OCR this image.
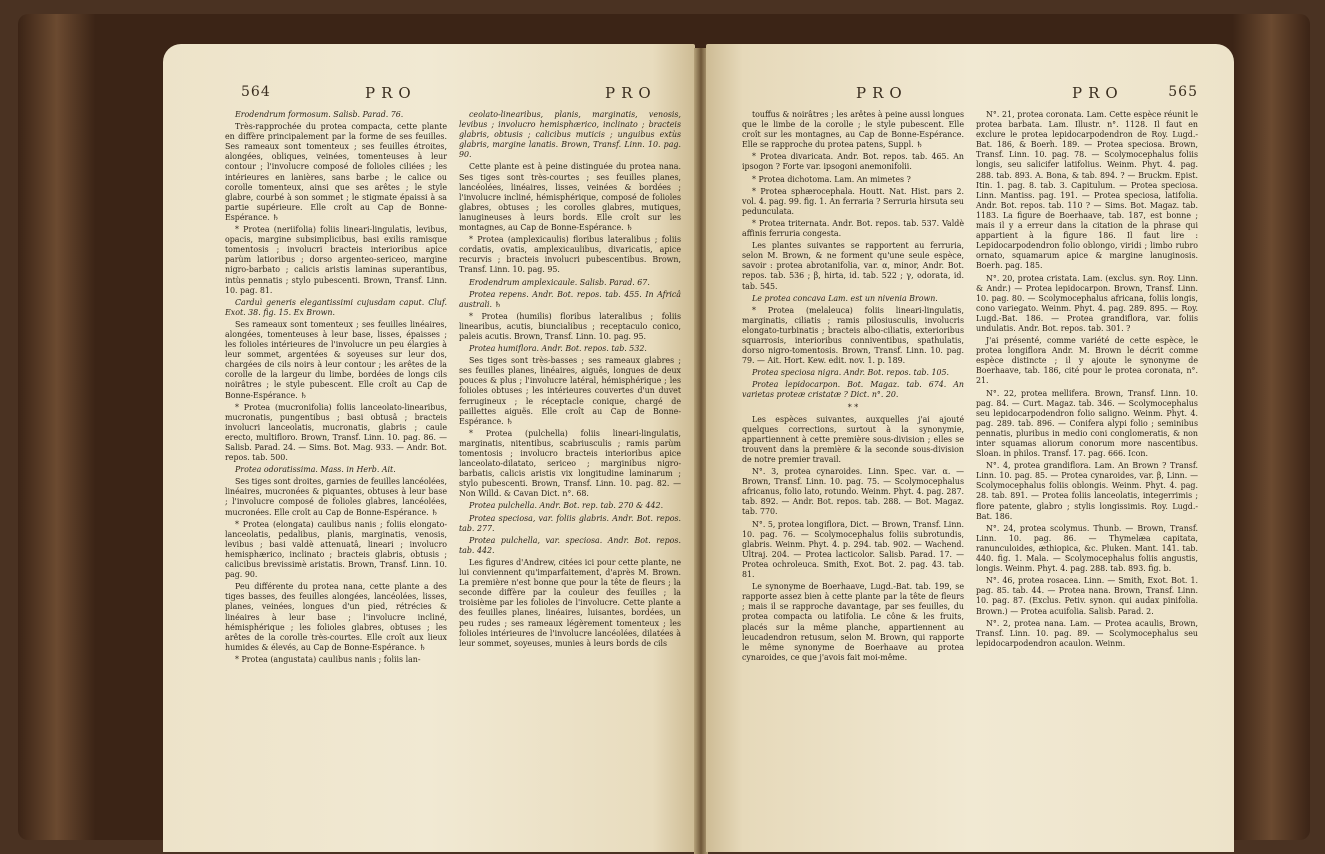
564	PRO	PRO

Erodendrum formosum. Salisb. Parad. 76.

Très-rapprochée du protea compacta, cette plante en diffère principalement par la forme de ses feuilles. Ses rameaux sont tomenteux ; ses feuilles étroites, alongées, obliques, veinées, tomenteuses à leur contour ; l'involucre composé de folioles ciliées ; les intérieures en lanières, sans barbe ; le calice ou corolle tomenteux, ainsi que ses arêtes ; le style glabre, courbé à son sommet ; le stigmate épaissi à sa partie supérieure. Elle croît au Cap de Bonne-Espérance. ♄

* Protea (neriifolia) foliis lineari-lingulatis, levibus, opacis, margine subsimplicibus, basi exilis ramisque tomentosis ; involucri bracteis interioribus apice parùm latioribus ; dorso argenteo-sericeo, margine nigro-barbato ; calicis aristis laminas superantibus, intùs pennatis ; stylo pubescenti. Brown, Transf. Linn. 10. pag. 81.

Carduì generis elegantissimi cujusdam caput. Cluf. Exot. 38. fig. 15. Ex Brown.

Ses rameaux sont tomenteux ; ses feuilles linéaires, alongées, tomenteuses à leur base, lisses, épaisses ; les folioles intérieures de l'involucre un peu élargies à leur sommet, argentées & soyeuses sur leur dos, chargées de cils noirs à leur contour ; les arêtes de la corolle de la largeur du limbe, bordées de longs cils noirâtres ; le style pubescent. Elle croît au Cap de Bonne-Espérance. ♄

* Protea (mucronifolia) foliis lanceolato-linearibus, mucronatis, pungentibus ; basi obtusâ ; bracteis involucri lanceolatis, mucronatis, glabris ; caule erecto, multifloro. Brown, Transf. Linn. 10. pag. 86. — Salisb. Parad. 24. — Sims. Bot. Mag. 933. — Andr. Bot. repos. tab. 500.

Protea odoratissima. Mass. in Herb. Ait.

Ses tiges sont droites, garnies de feuilles lancéolées, linéaires, mucronées & piquantes, obtuses à leur base ; l'involucre composé de folioles glabres, lancéolées, mucronées. Elle croît au Cap de Bonne-Espérance. ♄

* Protea (elongata) caulibus nanis ; foliis elongato-lanceolatis, pedalibus, planis, marginatis, venosis, levibus ; basi valdè attenuatâ, lineari ; involucro hemisphærico, inclinato ; bracteis glabris, obtusis ; calicibus brevissimè aristatis. Brown, Transf. Linn. 10. pag. 90.

Peu différente du protea nana, cette plante a des tiges basses, des feuilles alongées, lancéolées, lisses, planes, veinées, longues d'un pied, rétrécies & linéaires à leur base ; l'involucre incliné, hémisphérique ; les folioles glabres, obtuses ; les arêtes de la corolle très-courtes. Elle croît aux lieux humides & élevés, au Cap de Bonne-Espérance. ♄

* Protea (angustata) caulibus nanis ; foliis lan-

ceolato-linearibus, planis, marginatis, venosis, levibus ; involucro hemisphærico, inclinato ; bracteis glabris, obtusis ; calicibus muticis ; unguibus extùs glabris, margine lanatis. Brown, Transf. Linn. 10. pag. 90.

Cette plante est à peine distinguée du protea nana. Ses tiges sont très-courtes ; ses feuilles planes, lancéolées, linéaires, lisses, veinées & bordées ; l'involucre incliné, hémisphérique, composé de folioles glabres, obtuses ; les corolles glabres, mutiques, lanugineuses à leurs bords. Elle croît sur les montagnes, au Cap de Bonne-Espérance. ♄

* Protea (amplexicaulis) floribus lateralibus ; foliis cordatis, ovatis, amplexicaulibus, divaricatis, apice recurvis ; bracteis involucri pubescentibus. Brown, Transf. Linn. 10. pag. 95.

Erodendrum amplexicaule. Salisb. Parad. 67.

Protea repens. Andr. Bot. repos. tab. 455. In Africâ australi. ♄

* Protea (humilis) floribus lateralibus ; foliis linearibus, acutis, biuncialibus ; receptaculo conico, paleis acutis. Brown, Transf. Linn. 10. pag. 95.

Protea humiflora. Andr. Bot. repos. tab. 532.

Ses tiges sont très-basses ; ses rameaux glabres ; ses feuilles planes, linéaires, aiguës, longues de deux pouces & plus ; l'involucre latéral, hémisphérique ; les folioles obtuses ; les intérieures couvertes d'un duvet ferrugineux ; le réceptacle conique, chargé de paillettes aiguës. Elle croît au Cap de Bonne-Espérance. ♄

* Protea (pulchella) foliis lineari-lingulatis, marginatis, nitentibus, scabriusculis ; ramis parùm tomentosis ; involucro bracteis interioribus apice lanceolato-dilatato, sericeo ; marginibus nigro-barbatis, calicis aristis vix longitudine laminarum ; stylo pubescenti. Brown, Transf. Linn. 10. pag. 82. — Non Willd. & Cavan Dict. n°. 68.

Protea pulchella. Andr. Bot. rep. tab. 270 & 442.

Protea speciosa, var. foliis glabris. Andr. Bot. repos. tab. 277.

Protea pulchella, var. speciosa. Andr. Bot. repos. tab. 442.

Les figures d'Andrew, citées ici pour cette plante, ne lui conviennent qu'imparfaitement, d'après M. Brown. La première n'est bonne que pour la tête de fleurs ; la seconde diffère par la couleur des feuilles ; la troisième par les folioles de l'involucre. Cette plante a des feuilles planes, linéaires, luisantes, bordées, un peu rudes ; ses rameaux légèrement tomenteux ; les folioles intérieures de l'involucre lancéolées, dilatées à leur sommet, soyeuses, munies à leurs bords de cils

PRO	PRO	565

touffus & noirâtres ; les arêtes à peine aussi longues que le limbe de la corolle ; le style pubescent. Elle croît sur les montagnes, au Cap de Bonne-Espérance. Elle se rapproche du protea patens, Suppl. ♄

* Protea divaricata. Andr. Bot. repos. tab. 465. An ipsogon ? Forte var. ipsogoni anemonifolii.

* Protea dichotoma. Lam. An mimetes ?

* Protea sphærocephala. Houtt. Nat. Hist. pars 2. vol. 4. pag. 99. fig. 1. An ferraria ? Serruria hirsuta seu pedunculata.

* Protea triternata. Andr. Bot. repos. tab. 537. Valdè affinis ferruria congesta.

Les plantes suivantes se rapportent au ferruria, selon M. Brown, & ne forment qu'une seule espèce, savoir : protea abrotanifolia, var. α, minor, Andr. Bot. repos. tab. 536 ; β, hirta, id. tab. 522 ; γ, odorata, id. tab. 545.

Le protea concava Lam. est un nivenia Brown.

* Protea (melaleuca) foliis lineari-lingulatis, marginatis, ciliatis ; ramis pilosiusculis, involucris elongato-turbinatis ; bracteis albo-ciliatis, exterioribus squarrosis, interioribus conniventibus, spathulatis, dorso nigro-tomentosis. Brown, Transf. Linn. 10. pag. 79. — Ait. Hort. Kew. edit. nov. 1. p. 189.

Protea speciosa nigra. Andr. Bot. repos. tab. 105.

Protea lepidocarpon. Bot. Magaz. tab. 674. An varietas proteæ cristatæ ? Dict. n°. 20.

* *

Les espèces suivantes, auxquelles j'ai ajouté quelques corrections, surtout à la synonymie, appartiennent à cette première sous-division ; elles se trouvent dans la première & la seconde sous-division de notre premier travail.

N°. 3, protea cynaroides. Linn. Spec. var. α. — Brown, Transf. Linn. 10. pag. 75. — Scolymocephalus africanus, folio lato, rotundo. Weinm. Phyt. 4. pag. 287. tab. 892. — Andr. Bot. repos. tab. 288. — Bot. Magaz. tab. 770.

N°. 5, protea longiflora, Dict. — Brown, Transf. Linn. 10. pag. 76. — Scolymocephalus foliis subrotundis, glabris. Weinm. Phyt. 4. p. 294. tab. 902. — Wachend. Ultraj. 204. — Protea lacticolor. Salisb. Parad. 17. — Protea ochroleuca. Smith, Exot. Bot. 2. pag. 43. tab. 81.

Le synonyme de Boerhaave, Lugd.-Bat. tab. 199, se rapporte assez bien à cette plante par la tête de fleurs ; mais il se rapproche davantage, par ses feuilles, du protea compacta ou latifolia. Le cône & les fruits, placés sur la même planche, appartiennent au leucadendron retusum, selon M. Brown, qui rapporte le même synonyme de Boerhaave au protea cynaroides, ce que j'avois fait moi-même.

N°. 21, protea coronata. Lam. Cette espèce réunit le protea barbata. Lam. Illustr. n°. 1128. Il faut en exclure le protea lepidocarpodendron de Roy. Lugd.-Bat. 186, & Boerh. 189. — Protea speciosa. Brown, Transf. Linn. 10. pag. 78. — Scolymocephalus foliis longis, seu salicifer latifolius. Weinm. Phyt. 4. pag. 288. tab. 893. A. Bona, & tab. 894. ? — Bruckm. Epist. Itin. 1. pag. 8. tab. 3. Capitulum. — Protea speciosa. Linn. Mantiss. pag. 191. — Protea speciosa, latifolia. Andr. Bot. repos. tab. 110 ? — Sims. Bot. Magaz. tab. 1183. La figure de Boerhaave, tab. 187, est bonne ; mais il y a erreur dans la citation de la phrase qui appartient à la figure 186. Il faut lire : Lepidocarpodendron folio oblongo, viridi ; limbo rubro ornato, squamarum apice & margine lanuginosis. Boerh. pag. 185.

N°. 20, protea cristata. Lam. (exclus. syn. Roy. Linn. & Andr.) — Protea lepidocarpon. Brown, Transf. Linn. 10. pag. 80. — Scolymocephalus africana, foliis longis, cono variegato. Weinm. Phyt. 4. pag. 289. 895. — Roy. Lugd.-Bat. 186. — Protea grandiflora, var. foliis undulatis. Andr. Bot. repos. tab. 301. ?

J'ai présenté, comme variété de cette espèce, le protea longiflora Andr. M. Brown le décrit comme espèce distincte ; il y ajoute le synonyme de Boerhaave, tab. 186, cité pour le protea coronata, n°. 21.

N°. 22, protea mellifera. Brown, Transf. Linn. 10. pag. 84. — Curt. Magaz. tab. 346. — Scolymocephalus seu lepidocarpodendron folio salignо. Weinm. Phyt. 4. pag. 289. tab. 896. — Conifera alypi folio ; seminibus pennatis, pluribus in medio coni conglomeratis, & non inter squamas aliorum conorum more nascentibus. Sloan. in philos. Transf. 17. pag. 666. Icon.

N°. 4, protea grandiflora. Lam. An Brown ? Transf. Linn. 10. pag. 85. — Protea cynaroides, var. β, Linn. — Scolymocephalus foliis oblongis. Weinm. Phyt. 4. pag. 28. tab. 891. — Protea foliis lanceolatis, integerrimis ; flore patente, glabro ; stylis longissimis. Roy. Lugd.-Bat. 186.

N°. 24, protea scolymus. Thunb. — Brown, Transf. Linn. 10. pag. 86. — Thymelæa capitata, ranunculoides, æthiopica, &c. Pluken. Mant. 141. tab. 440. fig. 1. Mala. — Scolymocephalus foliis angustis, longis. Weinm. Phyt. 4. pag. 288. tab. 893. fig. b.

N°. 46, protea rosacea. Linn. — Smith, Exot. Bot. 1. pag. 85. tab. 44. — Protea nana. Brown, Transf. Linn. 10. pag. 87. (Exclus. Petiv. synon. qui audax pinifolia. Brown.) — Protea acuifolia. Salisb. Parad. 2.

N°. 2, protea nana. Lam. — Protea acaulis, Brown, Transf. Linn. 10. pag. 89. — Scolymocephalus seu lepidocarpodendron acaulon. Weinm.
